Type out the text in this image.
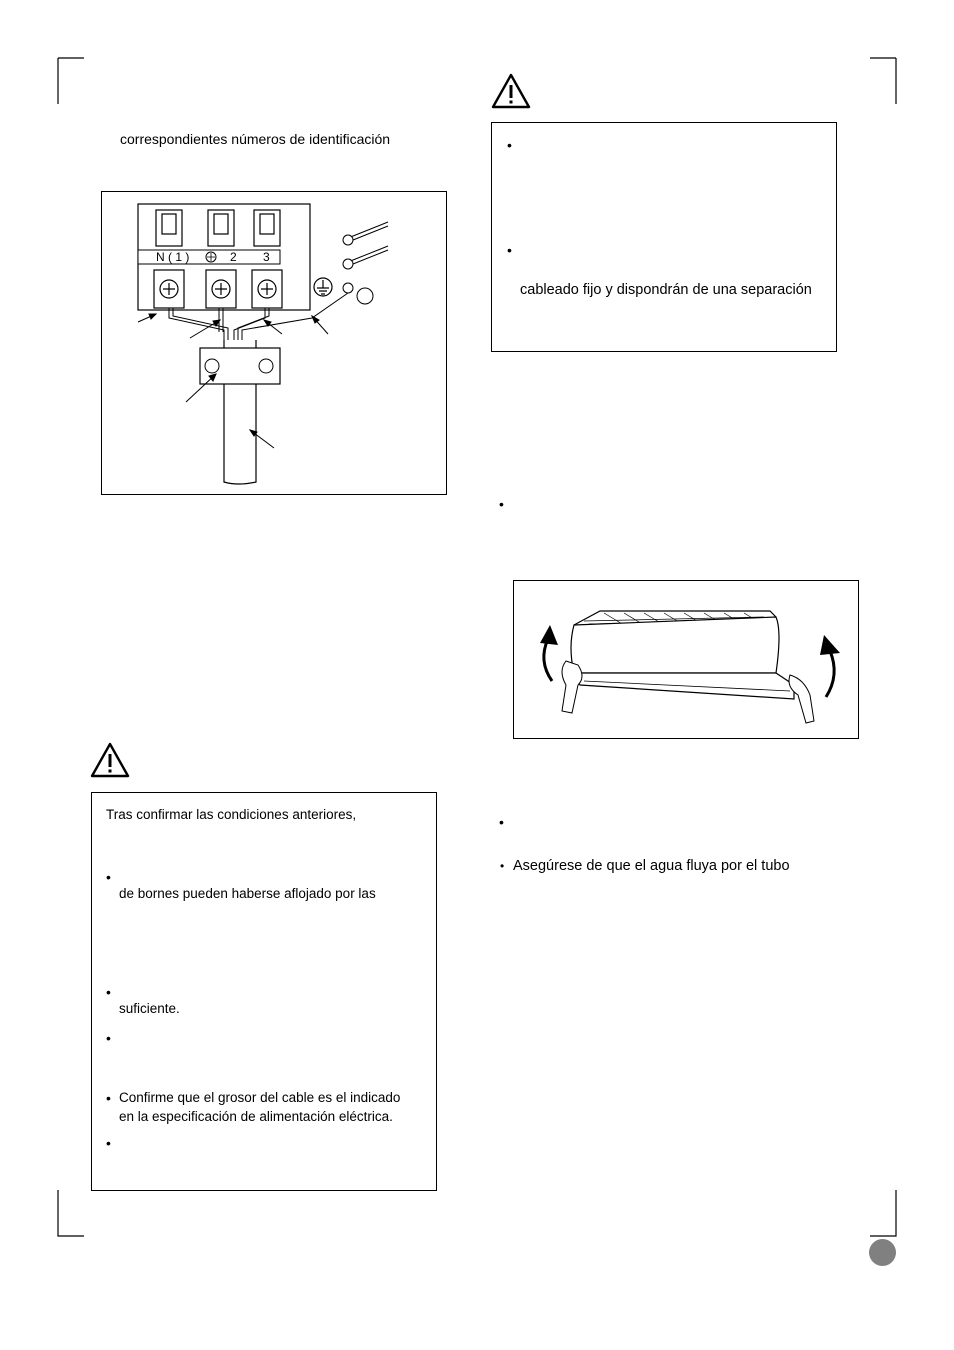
correspondientes números de identificación
N ( 1 )	2 3
Tras confirmar las condiciones anteriores,
•
de bornes pueden haberse aflojado por las
•
suficiente.
•
• Confirme que el grosor del cable es el indicado
en la especificación de alimentación eléctrica.
•
•
•
cableado fijo y dispondrán de una separación
•
•
• Asegúrese de que el agua fluya por el tubo
